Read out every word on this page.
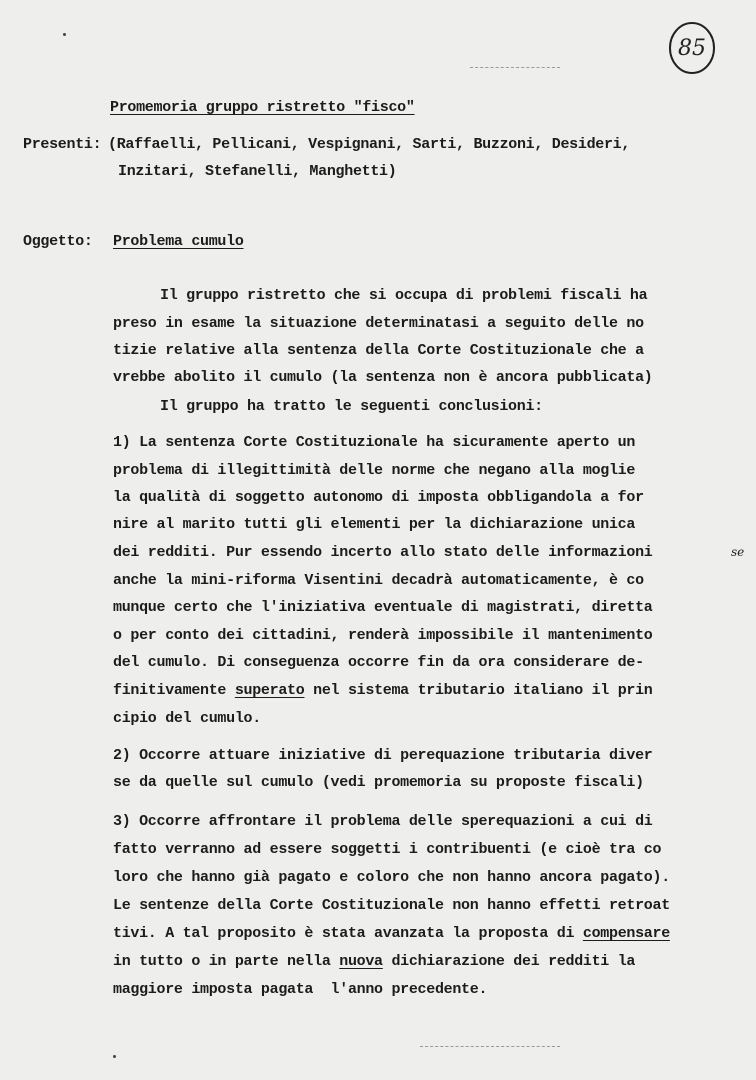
85
Promemoria gruppo ristretto "fisco"
Presenti: (Raffaelli, Pellicani, Vespignani, Sarti, Buzzoni, Desideri,
Inzitari, Stefanelli, Manghetti)
Oggetto: Problema cumulo
Il gruppo ristretto che si occupa di problemi fiscali ha
preso in esame la situazione determinatasi a seguito delle no
tizie relative alla sentenza della Corte Costituzionale che a
vrebbe abolito il cumulo (la sentenza non è ancora pubblicata)
Il gruppo ha tratto le seguenti conclusioni:
1) La sentenza Corte Costituzionale ha sicuramente aperto un
problema di illegittimità delle norme che negano alla moglie
la qualità di soggetto autonomo di imposta obbligandola a for
nire al marito tutti gli elementi per la dichiarazione unica
dei redditi. Pur essendo incerto allo stato delle informazioni	se
anche la mini-riforma Visentini decadrà automaticamente, è co
munque certo che l'iniziativa eventuale di magistrati, diretta
o per conto dei cittadini, renderà impossibile il mantenimento
del cumulo. Di conseguenza occorre fin da ora considerare de-
finitivamente superato nel sistema tributario italiano il prin
cipio del cumulo.
2) Occorre attuare iniziative di perequazione tributaria diver
se da quelle sul cumulo (vedi promemoria su proposte fiscali)
3) Occorre affrontare il problema delle sperequazioni a cui di
fatto verranno ad essere soggetti i contribuenti (e cioè tra co
loro che hanno già pagato e coloro che non hanno ancora pagato).
Le sentenze della Corte Costituzionale non hanno effetti retroat
tivi. A tal proposito è stata avanzata la proposta di compensare
in tutto o in parte nella nuova dichiarazione dei redditi la
maggiore imposta pagata  l'anno precedente.
